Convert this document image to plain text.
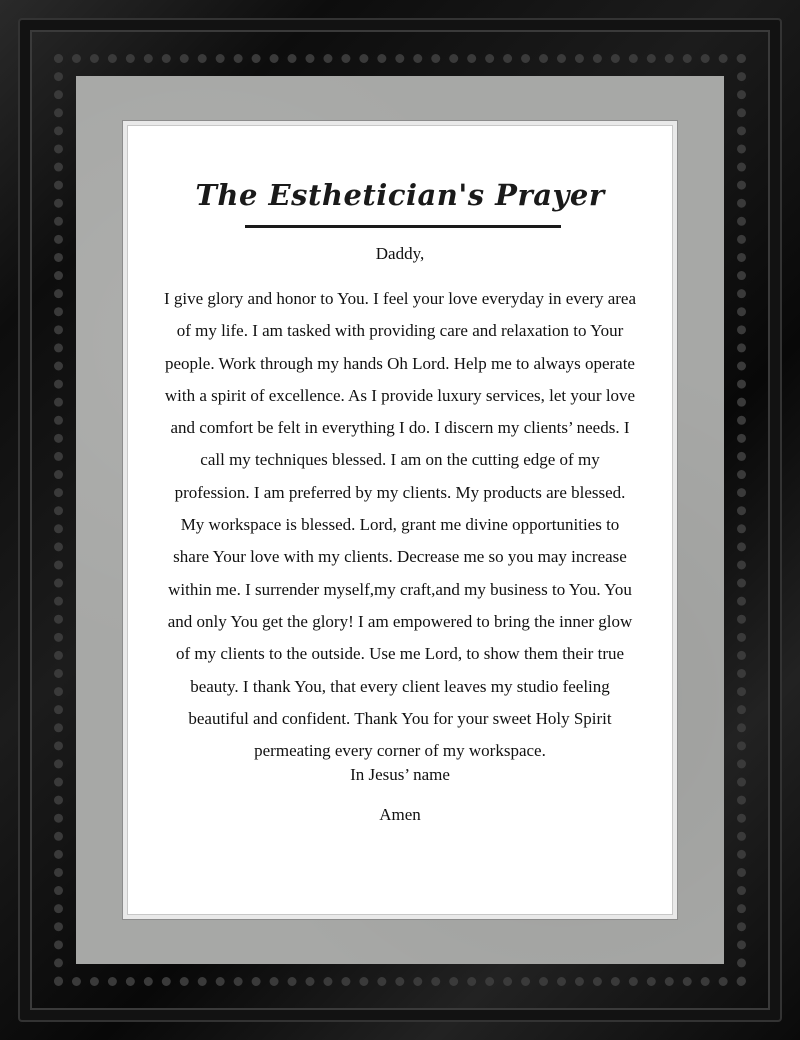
The Esthetician's Prayer

Daddy,

I give glory and honor to You. I feel your love everyday in every area
of my life. I am tasked with providing care and relaxation to Your
people. Work through my hands Oh Lord. Help me to always operate
with a spirit of excellence. As I provide luxury services, let your love
and comfort be felt in everything I do. I discern my clients’ needs. I
call my techniques blessed. I am on the cutting edge of my
profession. I am preferred by my clients. My products are blessed.
My workspace is blessed. Lord, grant me divine opportunities to
share Your love with my clients. Decrease me so you may increase
within me. I surrender myself,my craft,and my business to You. You
and only You get the glory! I am empowered to bring the inner glow
of my clients to the outside. Use me Lord, to show them their true
beauty. I thank You, that every client leaves my studio feeling
beautiful and confident. Thank You for your sweet Holy Spirit
permeating every corner of my workspace.

In Jesus’ name

Amen
